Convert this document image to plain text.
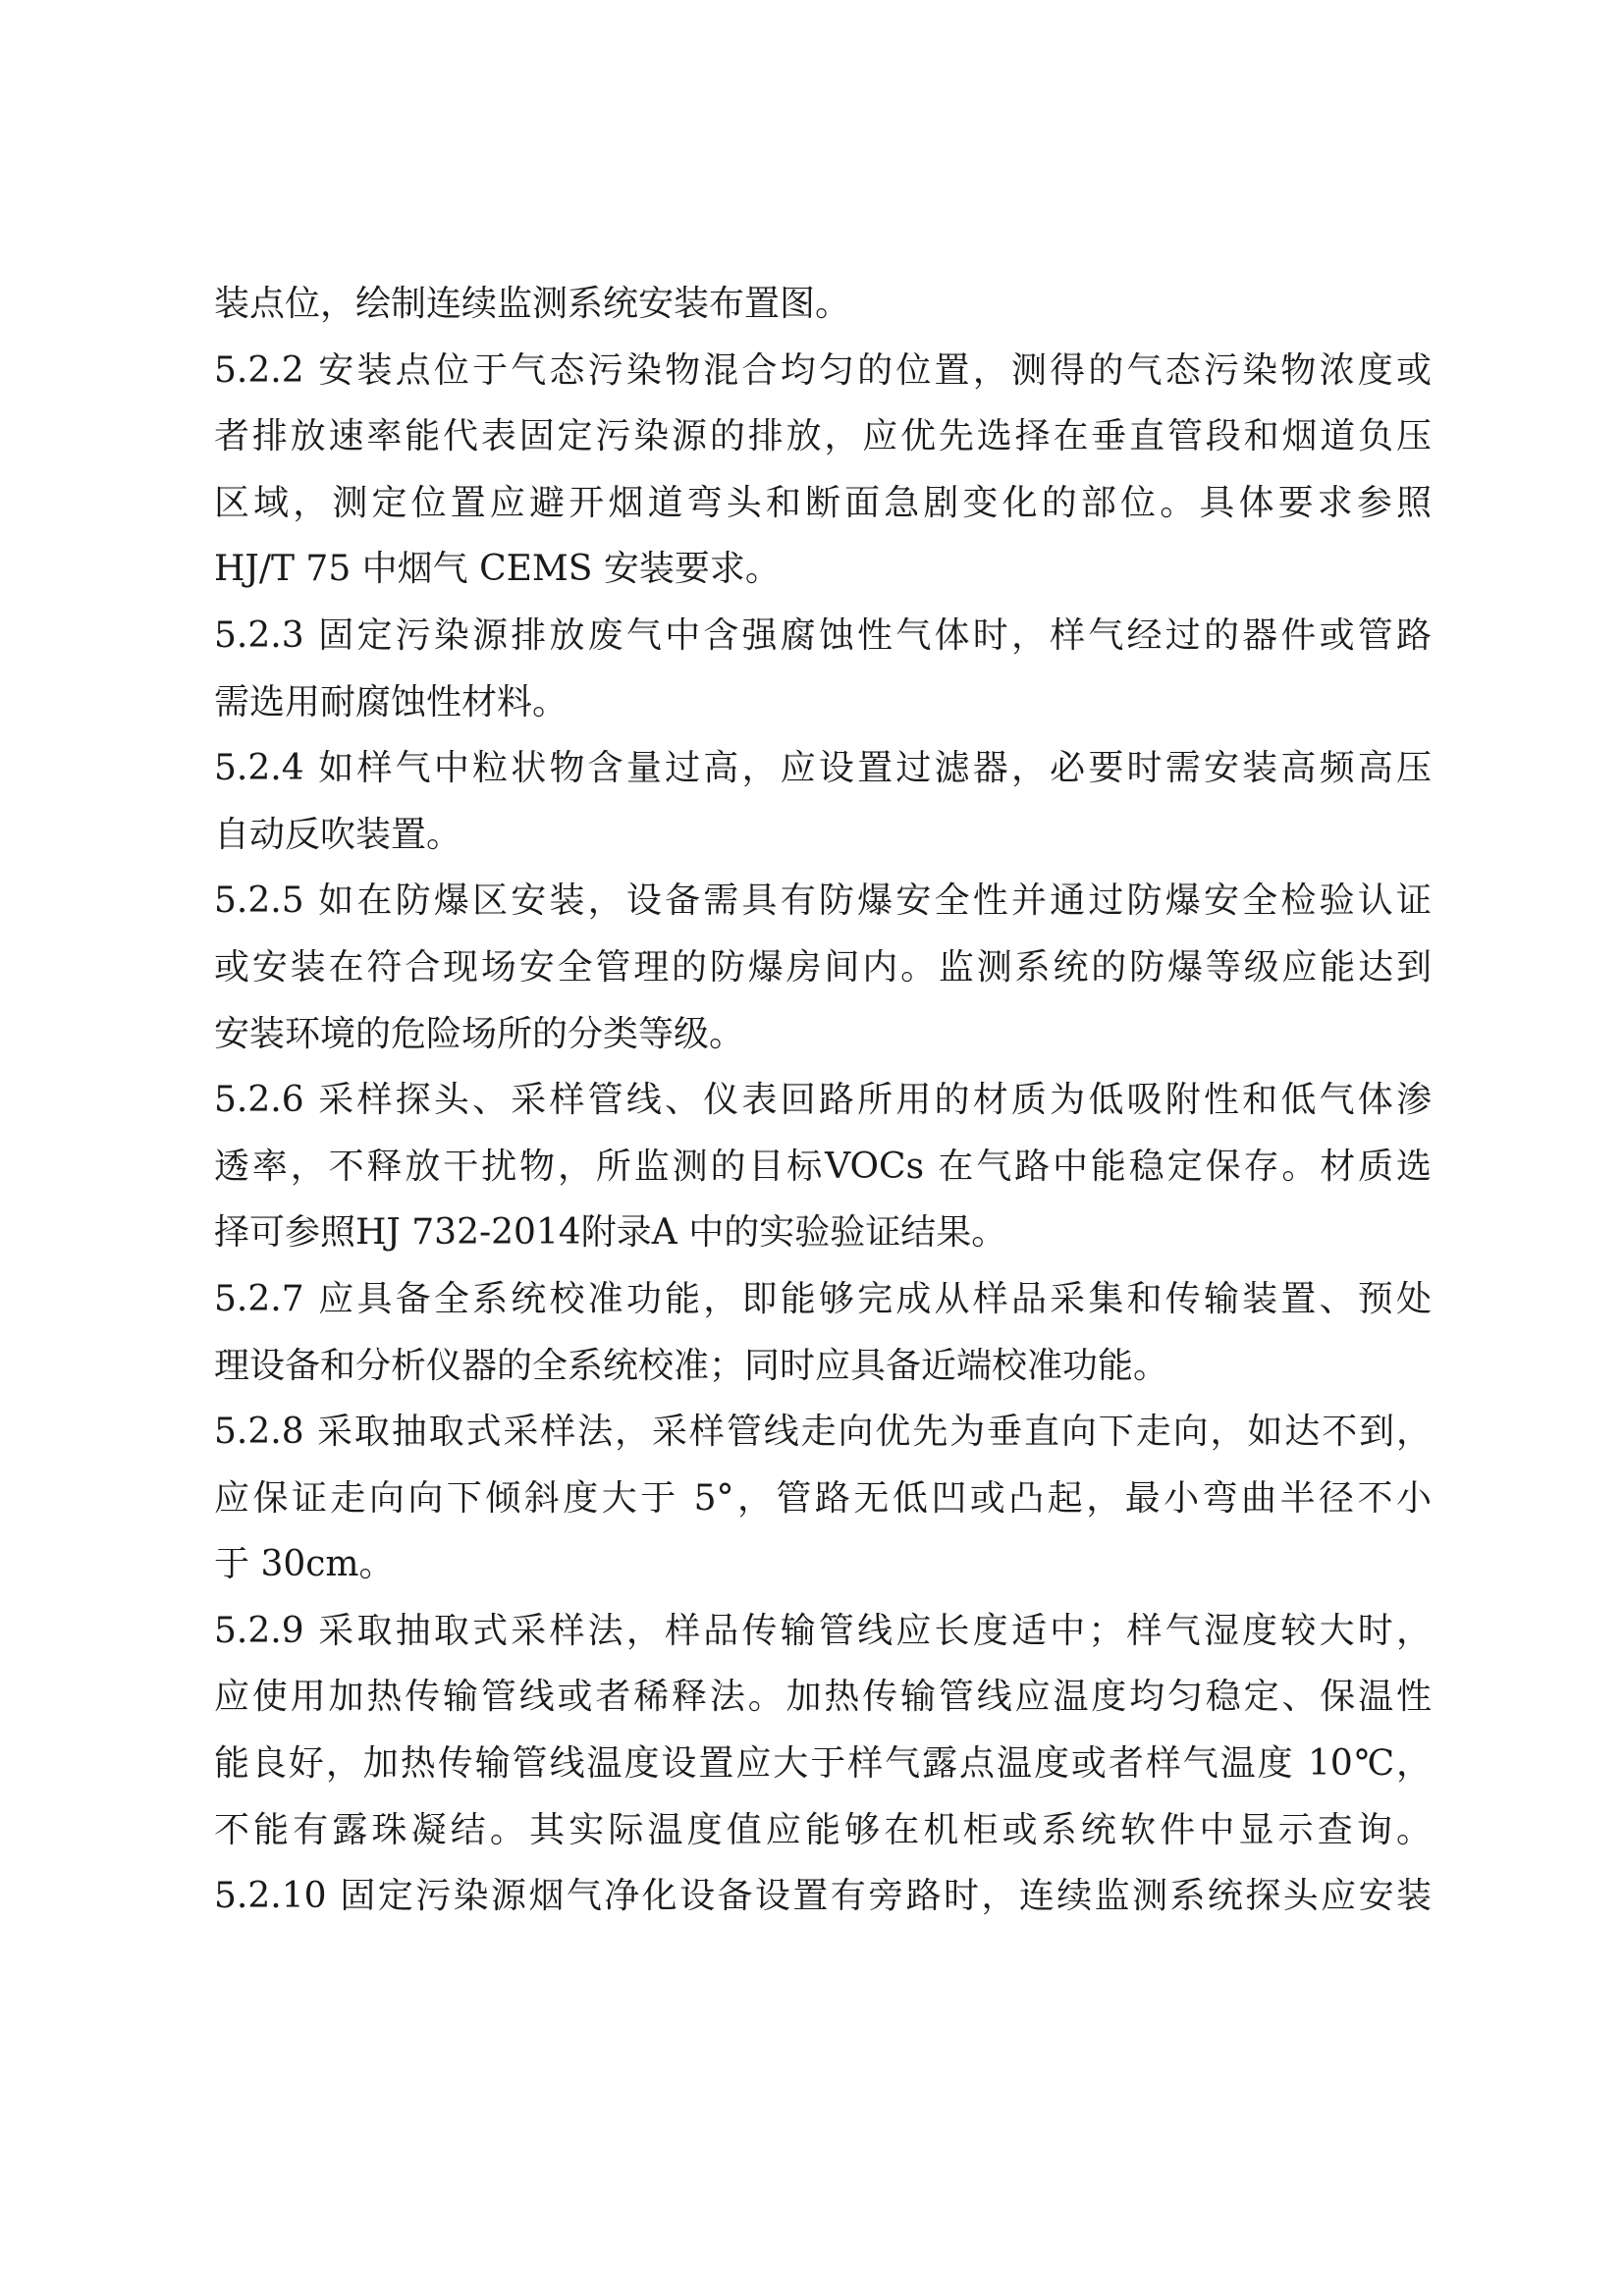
装点位，绘制连续监测系统安装布置图。
5.2.2 安装点位于气态污染物混合均匀的位置，测得的气态污染物浓度或
者排放速率能代表固定污染源的排放，应优先选择在垂直管段和烟道负压
区域，测定位置应避开烟道弯头和断面急剧变化的部位。具体要求参照
HJ/T 75 中烟气 CEMS 安装要求。
5.2.3 固定污染源排放废气中含强腐蚀性气体时，样气经过的器件或管路
需选用耐腐蚀性材料。
5.2.4 如样气中粒状物含量过高，应设置过滤器，必要时需安装高频高压
自动反吹装置。
5.2.5 如在防爆区安装，设备需具有防爆安全性并通过防爆安全检验认证
或安装在符合现场安全管理的防爆房间内。监测系统的防爆等级应能达到
安装环境的危险场所的分类等级。
5.2.6 采样探头、采样管线、仪表回路所用的材质为低吸附性和低气体渗
透率，不释放干扰物，所监测的目标VOCs 在气路中能稳定保存。材质选
择可参照HJ 732-2014附录A 中的实验验证结果。
5.2.7 应具备全系统校准功能，即能够完成从样品采集和传输装置、预处
理设备和分析仪器的全系统校准；同时应具备近端校准功能。
5.2.8 采取抽取式采样法，采样管线走向优先为垂直向下走向，如达不到，
应保证走向向下倾斜度大于 5°，管路无低凹或凸起，最小弯曲半径不小
于 30cm。
5.2.9 采取抽取式采样法，样品传输管线应长度适中；样气湿度较大时，
应使用加热传输管线或者稀释法。加热传输管线应温度均匀稳定、保温性
能良好，加热传输管线温度设置应大于样气露点温度或者样气温度 10℃，
不能有露珠凝结。其实际温度值应能够在机柜或系统软件中显示查询。
5.2.10 固定污染源烟气净化设备设置有旁路时，连续监测系统探头应安装
